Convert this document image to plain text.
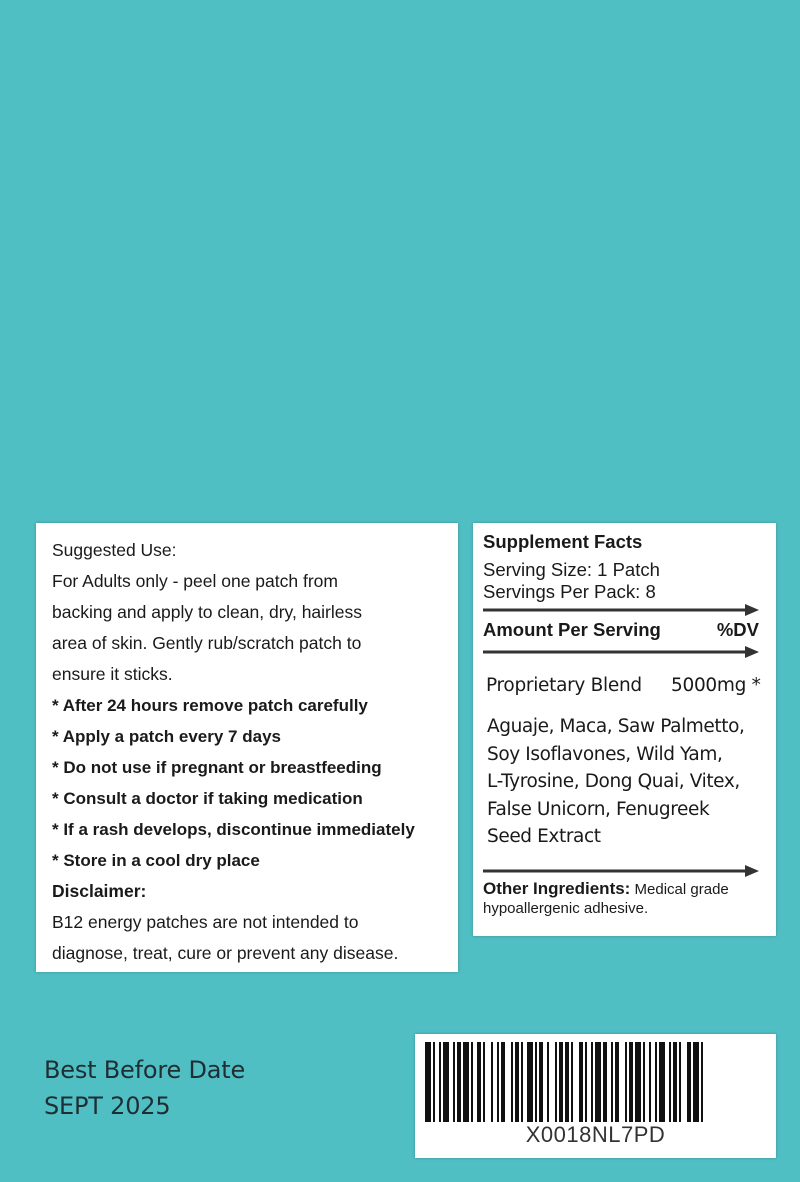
Suggested Use:
For Adults only - peel one patch from
backing and apply to clean, dry, hairless
area of skin. Gently rub/scratch patch to
ensure it sticks.
* After 24 hours remove patch carefully
* Apply a patch every 7 days
* Do not use if pregnant or breastfeeding
* Consult a doctor if taking medication
* If a rash develops, discontinue immediately
* Store in a cool dry place
Disclaimer:
B12 energy patches are not intended to
diagnose, treat, cure or prevent any disease.
Supplement Facts
Serving Size: 1 Patch
Servings Per Pack: 8
Amount Per Serving	%DV
Proprietary Blend 5000mg *
Aguaje, Maca, Saw Palmetto,
Soy Isoflavones, Wild Yam,
L-Tyrosine, Dong Quai, Vitex,
False Unicorn, Fenugreek
Seed Extract
Other Ingredients: Medical grade
hypoallergenic adhesive.
Best Before Date
SEPT 2025
X0018NL7PD
